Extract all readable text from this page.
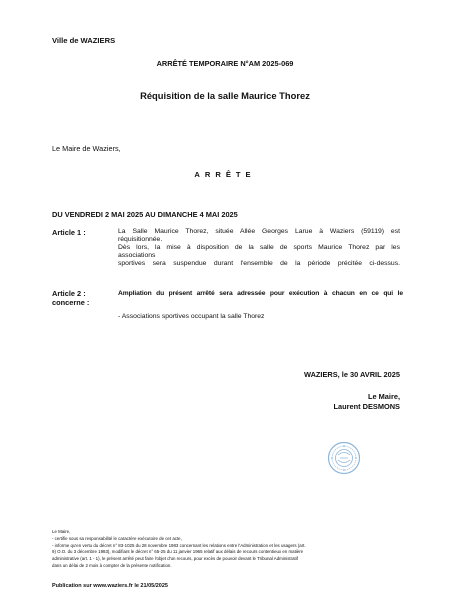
Ville de WAZIERS
ARRÊTÉ TEMPORAIRE N°AM 2025-069
Réquisition de la salle Maurice Thorez
Le Maire de Waziers,
ARRÊTE
DU VENDREDI 2 MAI 2025 AU DIMANCHE 4 MAI 2025
Article 1 :	La Salle Maurice Thorez, située Allée Georges Larue à Waziers (59119) est
réquisitionnée.
Dès lors, la mise à disposition de la salle de sports Maurice Thorez par les
associations
sportives sera suspendue durant l'ensemble de la période précitée ci-dessus.
Article 2 :
concerne :
Ampliation du présent arrêté sera adressée pour exécution à chacun en ce qui le
- Associations sportives occupant la salle Thorez
WAZIERS, le 30 AVRIL 2025
Le Maire,
Laurent DESMONS
Le Maire,
- certifie sous sa responsabilité le caractère exécutoire de cet acte,
- informe qu'en vertu du décret n° 83-1025 du 28 novembre 1983 concernant les relations entre l'Administration et les usagers (art.
9) O.O. du 3 décembre 1983), modifiant le décret n° 65-25 du 11 janvier 1965 relatif aux délais de recours contentieux en matière
administrative (art. 1 - 1), le présent arrêté peut faire l'objet d'un recours, pour excès de pouvoir devant le Tribunal Administratif
dans un délai de 2 mois à compter de la présente notification.
Publication sur www.waziers.fr le 21/05/2025
